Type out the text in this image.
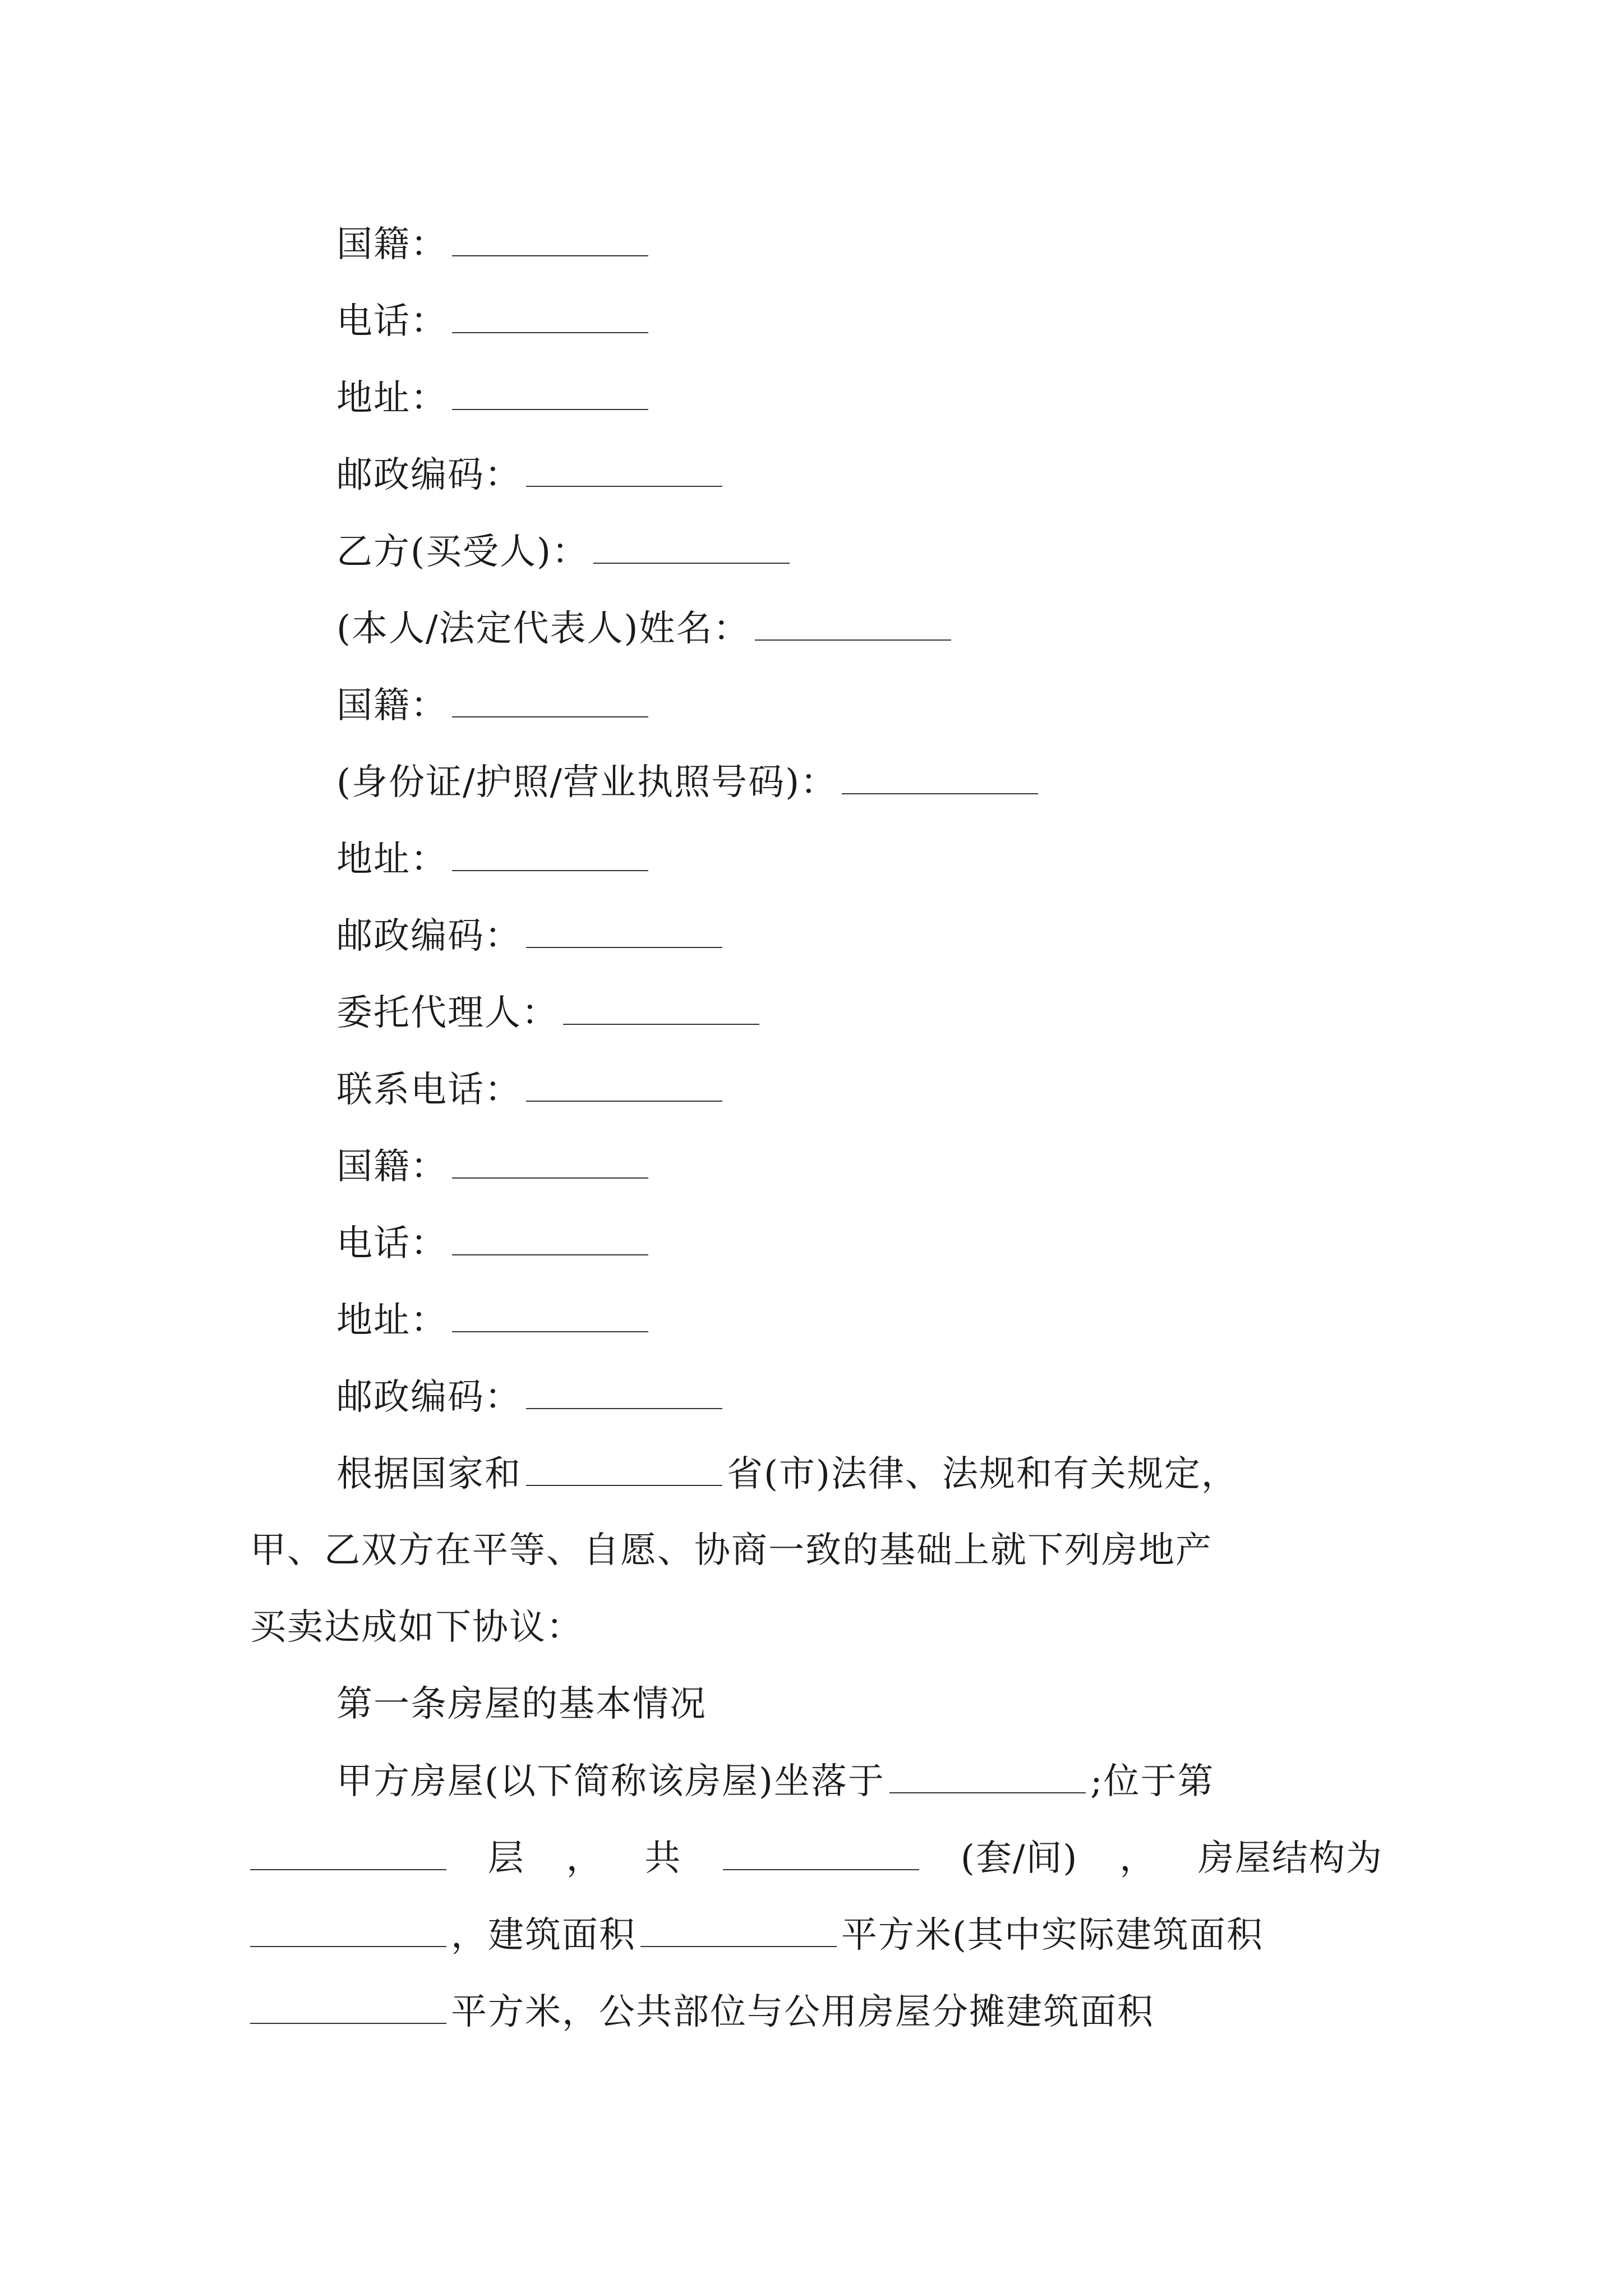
国籍：
电话：
地址：
邮政编码：
乙方(买受人)：
(本人/法定代表人)姓名：
国籍：
(身份证/护照/营业执照号码)：
地址：
邮政编码：
委托代理人：
联系电话：
国籍：
电话：
地址：
邮政编码：
根据国家和	省(市)法律、法规和有关规定，
甲、乙双方在平等、自愿、协商一致的基础上就下列房地产
买卖达成如下协议：
第一条房屋的基本情况
甲方房屋(以下简称该房屋)坐落于	;位于第
层 ， 共	(套/间) ， 房屋结构为
，建筑面积	平方米(其中实际建筑面积
平方米，公共部位与公用房屋分摊建筑面积
